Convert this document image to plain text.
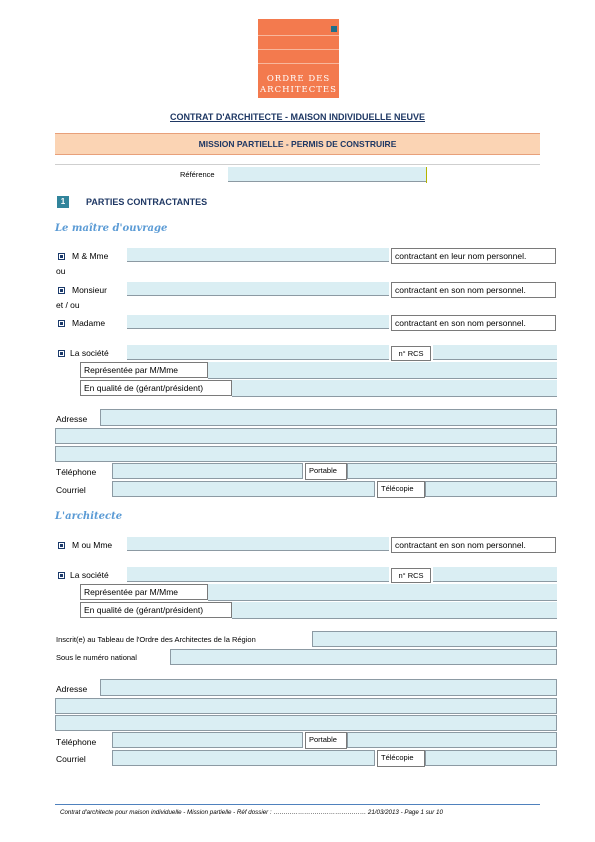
ORDRE DES
ARCHITECTES
CONTRAT D'ARCHITECTE - MAISON INDIVIDUELLE NEUVE
MISSION PARTIELLE - PERMIS DE CONSTRUIRE
Référence
1	PARTIES CONTRACTANTES
Le maître d'ouvrage
M & Mme	contractant en leur nom personnel.
ou
Monsieur	contractant en son nom personnel.
et / ou
Madame	contractant en son nom personnel.
La société	n° RCS
Représentée par M/Mme
En qualité de (gérant/président)
Adresse
Téléphone	Portable
Courriel	Télécopie
L'architecte
M ou Mme	contractant en son nom personnel.
La société	n° RCS
Représentée par M/Mme
En qualité de (gérant/président)
Inscrit(e) au Tableau de l'Ordre des Architectes de la Région
Sous le numéro national
Adresse
Téléphone	Portable
Courriel	Télécopie
Contrat d'architecte pour maison individuelle - Mission partielle - Réf dossier : ……………………………………… 21/03/2013 - Page 1 sur 10
